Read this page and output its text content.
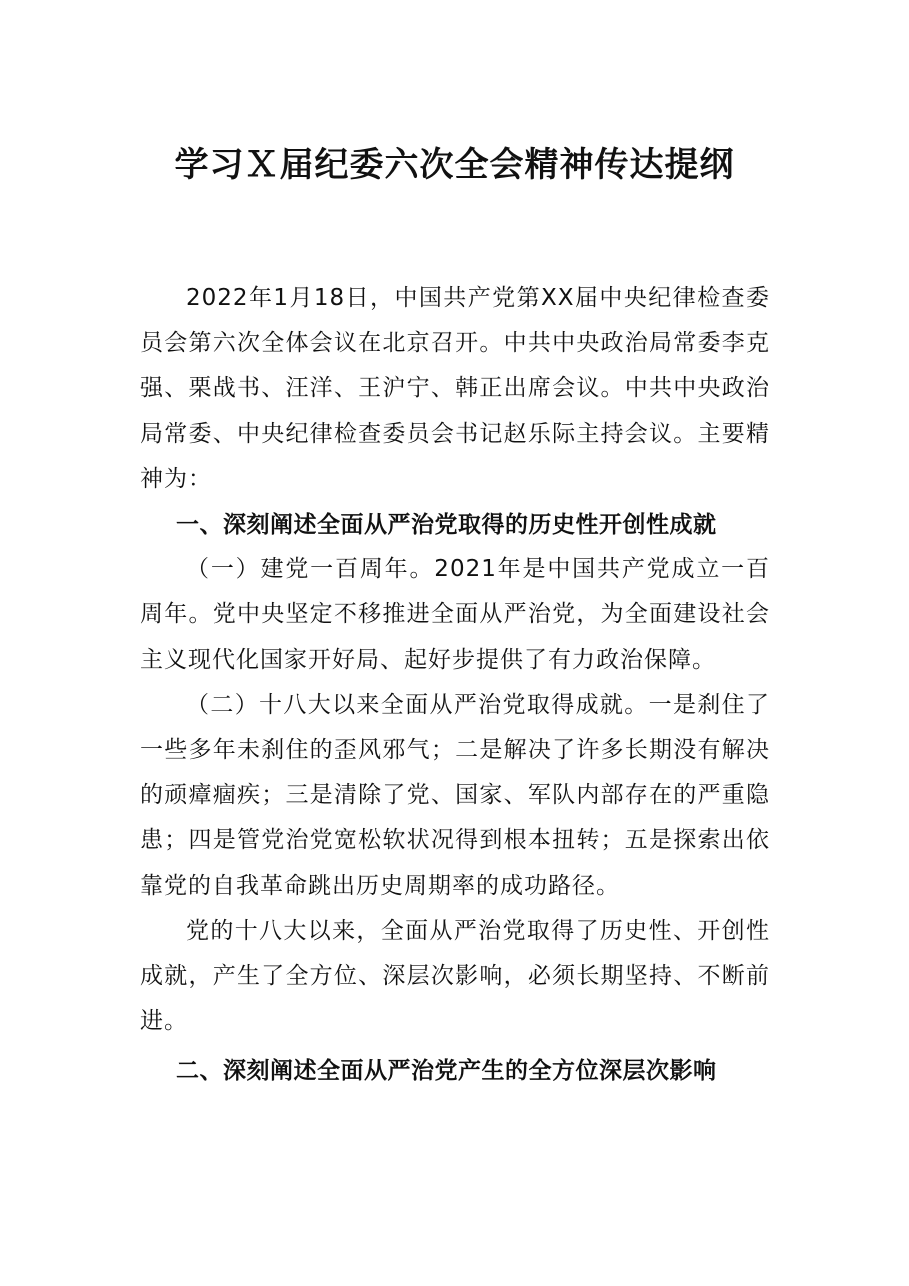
学习Ｘ届纪委六次全会精神传达提纲

2022年1月18日，中国共产党第XX届中央纪律检查委员会第六次全体会议在北京召开。中共中央政治局常委李克强、栗战书、汪洋、王沪宁、韩正出席会议。中共中央政治局常委、中央纪律检查委员会书记赵乐际主持会议。主要精神为：

一、深刻阐述全面从严治党取得的历史性开创性成就

（一）建党一百周年。2021年是中国共产党成立一百周年。党中央坚定不移推进全面从严治党，为全面建设社会主义现代化国家开好局、起好步提供了有力政治保障。

（二）十八大以来全面从严治党取得成就。一是刹住了一些多年未刹住的歪风邪气；二是解决了许多长期没有解决的顽瘴痼疾；三是清除了党、国家、军队内部存在的严重隐患；四是管党治党宽松软状况得到根本扭转；五是探索出依靠党的自我革命跳出历史周期率的成功路径。

党的十八大以来，全面从严治党取得了历史性、开创性成就，产生了全方位、深层次影响，必须长期坚持、不断前进。

二、深刻阐述全面从严治党产生的全方位深层次影响
